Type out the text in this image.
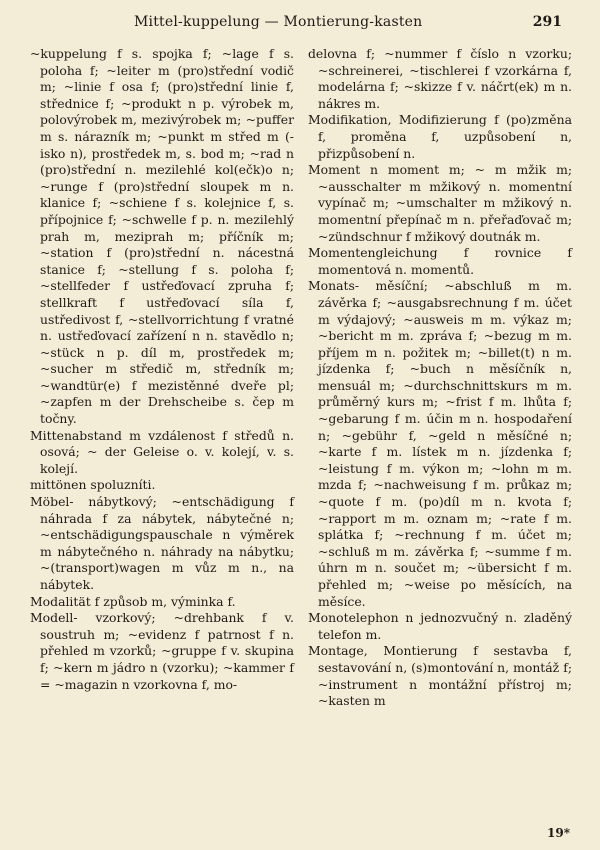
Mittel-kuppelung — Montierung-kasten	291

~kuppelung f s. spojka f; ~lage f s. poloha f; ~leiter m (pro)střední vodič m; ~linie f osa f; (pro)střední linie f, střednice f; ~produkt n p. výrobek m, polovýrobek m, mezivýrobek m; ~puffer m s. nárazník m; ~punkt m střed m (-isko n), prostředek m, s. bod m; ~rad n (pro)střední n. mezilehlé kol(ečk)o n; ~runge f (pro)střední sloupek m n. klanice f; ~schiene f s. kolejnice f, s. přípojnice f; ~schwelle f p. n. mezilehlý prah m, meziprah m; příčník m; ~station f (pro)střední n. nácestná stanice f; ~stellung f s. poloha f; ~stellfeder f ustřeďovací zpruha f; stellkraft f ustřeďovací síla f, ustředivost f, ~stellvorrichtung f vratné n. ustřeďovací zařízení n n. stavědlo n; ~stück n p. díl m, prostředek m; ~sucher m středič m, středník m; ~wandtür(e) f mezistěnné dveře pl; ~zapfen m der Drehscheibe s. čep m točny.

Mittenabstand m vzdálenost f středů n. osová; ~ der Geleise o. v. kolejí, v. s. kolejí.

mittönen spoluzníti.

Möbel- nábytkový; ~entschädigung f náhrada f za nábytek, nábytečné n; ~entschädigungspauschale n výměrek m nábytečného n. náhrady na nábytku; ~(transport)wagen m vůz m n., na nábytek.

Modalität f způsob m, výminka f.

Modell- vzorkový; ~drehbank f v. soustruh m; ~evidenz f patrnost f n. přehled m vzorků; ~gruppe f v. skupina f; ~kern m jádro n (vzorku); ~kammer f = ~magazin n vzorkovna f, mo-

delovna f; ~nummer f číslo n vzorku; ~schreinerei, ~tischlerei f vzorkárna f, modelárna f; ~skizze f v. náčrt(ek) m n. nákres m.

Modifikation, Modifizierung f (po)změna f, proměna f, uzpůsobení n, přizpůsobení n.

Moment n moment m; ~ m mžik m; ~ausschalter m mžikový n. momentní vypínač m; ~umschalter m mžikový n. momentní přepínač m n. přeřaďovač m; ~zündschnur f mžikový doutnák m.

Momentengleichung f rovnice f momentová n. momentů.

Monats- měsíční; ~abschluß m m. závěrka f; ~ausgabsrechnung f m. účet m výdajový; ~ausweis m m. výkaz m; ~bericht m m. zpráva f; ~bezug m m. příjem m n. požitek m; ~billet(t) n m. jízdenka f; ~buch n měsíčník n, mensuál m; ~durchschnittskurs m m. průměrný kurs m; ~frist f m. lhůta f; ~gebarung f m. účin m n. hospodaření n; ~gebühr f, ~geld n měsíčné n; ~karte f m. lístek m n. jízdenka f; ~leistung f m. výkon m; ~lohn m m. mzda f; ~nachweisung f m. průkaz m; ~quote f m. (po)díl m n. kvota f; ~rapport m m. oznam m; ~rate f m. splátka f; ~rechnung f m. účet m; ~schluß m m. závěrka f; ~summe f m. úhrn m n. součet m; ~übersicht f m. přehled m; ~weise po měsících, na měsíce.

Monotelephon n jednozvučný n. zladěný telefon m.

Montage, Montierung f sestavba f, sestavování n, (s)montování n, montáž f; ~instrument n montážní přístroj m; ~kasten m

19*
